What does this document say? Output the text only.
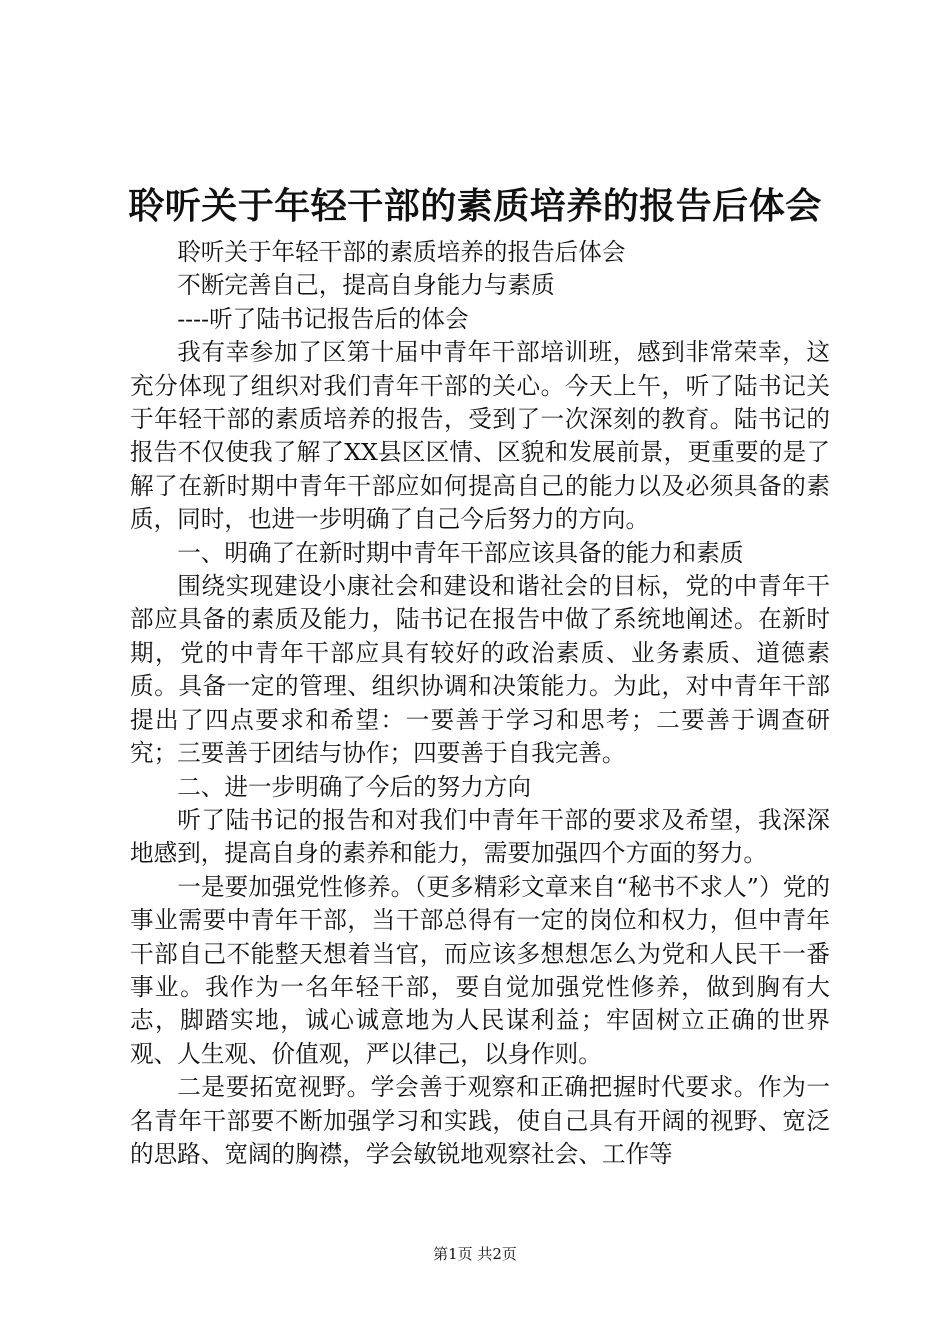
聆听关于年轻干部的素质培养的报告后体会

聆听关于年轻干部的素质培养的报告后体会

不断完善自己，提高自身能力与素质

----听了陆书记报告后的体会

我有幸参加了区第十届中青年干部培训班，感到非常荣幸，这充分体现了组织对我们青年干部的关心。今天上午，听了陆书记关于年轻干部的素质培养的报告，受到了一次深刻的教育。陆书记的报告不仅使我了解了XX县区区情、区貌和发展前景，更重要的是了解了在新时期中青年干部应如何提高自己的能力以及必须具备的素质，同时，也进一步明确了自己今后努力的方向。

一、明确了在新时期中青年干部应该具备的能力和素质

围绕实现建设小康社会和建设和谐社会的目标，党的中青年干部应具备的素质及能力，陆书记在报告中做了系统地阐述。在新时期，党的中青年干部应具有较好的政治素质、业务素质、道德素质。具备一定的管理、组织协调和决策能力。为此，对中青年干部提出了四点要求和希望：一要善于学习和思考；二要善于调查研究；三要善于团结与协作；四要善于自我完善。

二、进一步明确了今后的努力方向

听了陆书记的报告和对我们中青年干部的要求及希望，我深深地感到，提高自身的素养和能力，需要加强四个方面的努力。

一是要加强党性修养。（更多精彩文章来自“秘书不求人”）党的事业需要中青年干部，当干部总得有一定的岗位和权力，但中青年干部自己不能整天想着当官，而应该多想想怎么为党和人民干一番事业。我作为一名年轻干部，要自觉加强党性修养，做到胸有大志，脚踏实地，诚心诚意地为人民谋利益；牢固树立正确的世界观、人生观、价值观，严以律己，以身作则。

二是要拓宽视野。学会善于观察和正确把握时代要求。作为一名青年干部要不断加强学习和实践，使自己具有开阔的视野、宽泛的思路、宽阔的胸襟，学会敏锐地观察社会、工作等

第1页 共2页
